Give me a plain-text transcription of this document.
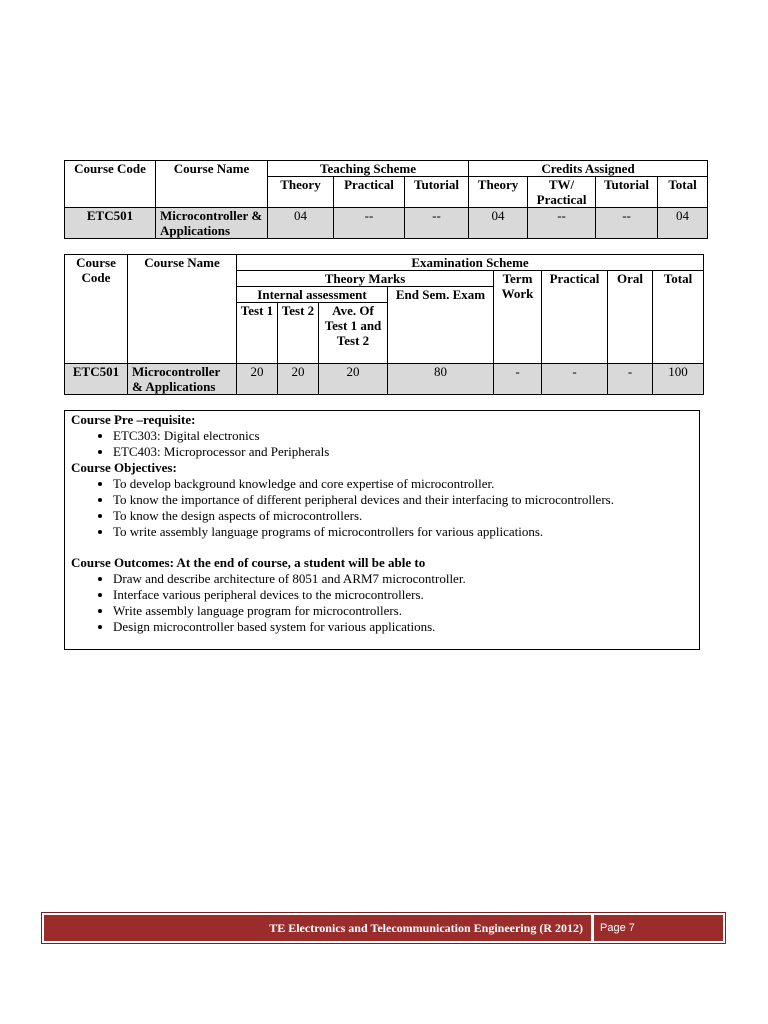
Course Code	Course Name	Teaching Scheme			Credits Assigned			
		Theory	Practical	Tutorial	Theory	TW/ Practical	Tutorial	Total
ETC501	Microcontroller & Applications	04	--	--	04	--	--	04
Course Code	Course Name	Examination Scheme							
		Theory Marks				Term Work	Practical	Oral	Total
		Internal assessment			End Sem. Exam				
		Test 1	Test 2	Ave. Of Test 1 and Test 2					
ETC501	Microcontroller & Applications	20	20	20	80	-	-	-	100
Course Pre –requisite:
• ETC303: Digital electronics
• ETC403: Microprocessor and Peripherals
Course Objectives:
• To develop background knowledge and core expertise of microcontroller.
• To know the importance of different peripheral devices and their interfacing to microcontrollers.
• To know the design aspects of microcontrollers.
• To write assembly language programs of microcontrollers for various applications.
Course Outcomes: At the end of course, a student will be able to
• Draw and describe architecture of 8051 and ARM7 microcontroller.
• Interface various peripheral devices to the microcontrollers.
• Write assembly language program for microcontrollers.
• Design microcontroller based system for various applications.
TE Electronics and Telecommunication Engineering (R 2012)	Page 7
